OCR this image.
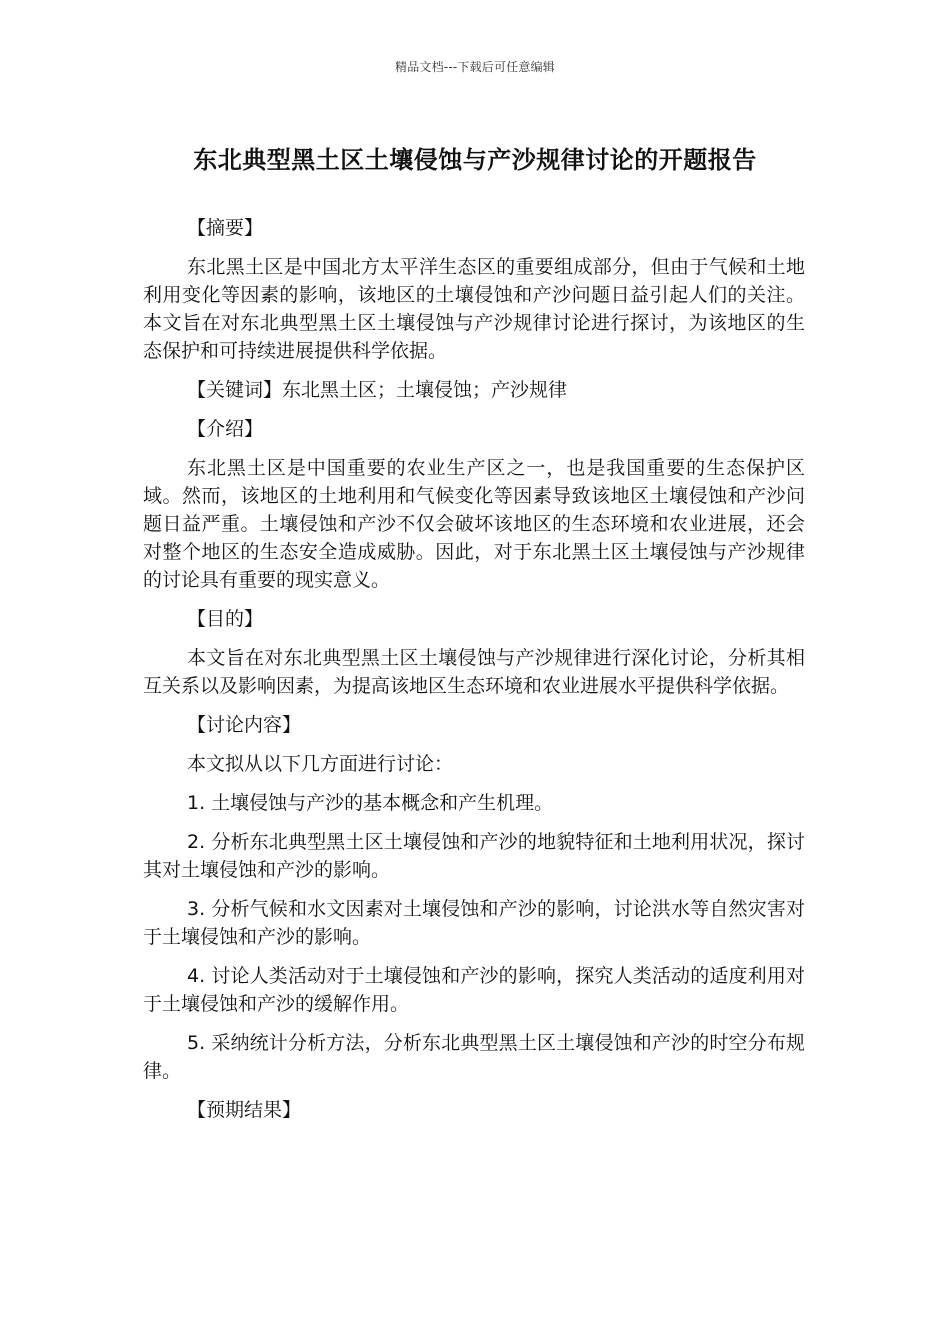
精品文档---下载后可任意编辑
东北典型黑土区土壤侵蚀与产沙规律讨论的开题报告
【摘要】

东北黑土区是中国北方太平洋生态区的重要组成部分，但由于气候和土地利用变化等因素的影响，该地区的土壤侵蚀和产沙问题日益引起人们的关注。本文旨在对东北典型黑土区土壤侵蚀与产沙规律讨论进行探讨，为该地区的生态保护和可持续进展提供科学依据。

【关键词】东北黑土区；土壤侵蚀；产沙规律
【介绍】

东北黑土区是中国重要的农业生产区之一，也是我国重要的生态保护区域。然而，该地区的土地利用和气候变化等因素导致该地区土壤侵蚀和产沙问题日益严重。土壤侵蚀和产沙不仅会破坏该地区的生态环境和农业进展，还会对整个地区的生态安全造成威胁。因此，对于东北黑土区土壤侵蚀与产沙规律的讨论具有重要的现实意义。

【目的】

本文旨在对东北典型黑土区土壤侵蚀与产沙规律进行深化讨论，分析其相互关系以及影响因素，为提高该地区生态环境和农业进展水平提供科学依据。

【讨论内容】

本文拟从以下几方面进行讨论：

1. 土壤侵蚀与产沙的基本概念和产生机理。

2. 分析东北典型黑土区土壤侵蚀和产沙的地貌特征和土地利用状况，探讨其对土壤侵蚀和产沙的影响。

3. 分析气候和水文因素对土壤侵蚀和产沙的影响，讨论洪水等自然灾害对于土壤侵蚀和产沙的影响。

4. 讨论人类活动对于土壤侵蚀和产沙的影响，探究人类活动的适度利用对于土壤侵蚀和产沙的缓解作用。

5. 采纳统计分析方法，分析东北典型黑土区土壤侵蚀和产沙的时空分布规律。

【预期结果】
